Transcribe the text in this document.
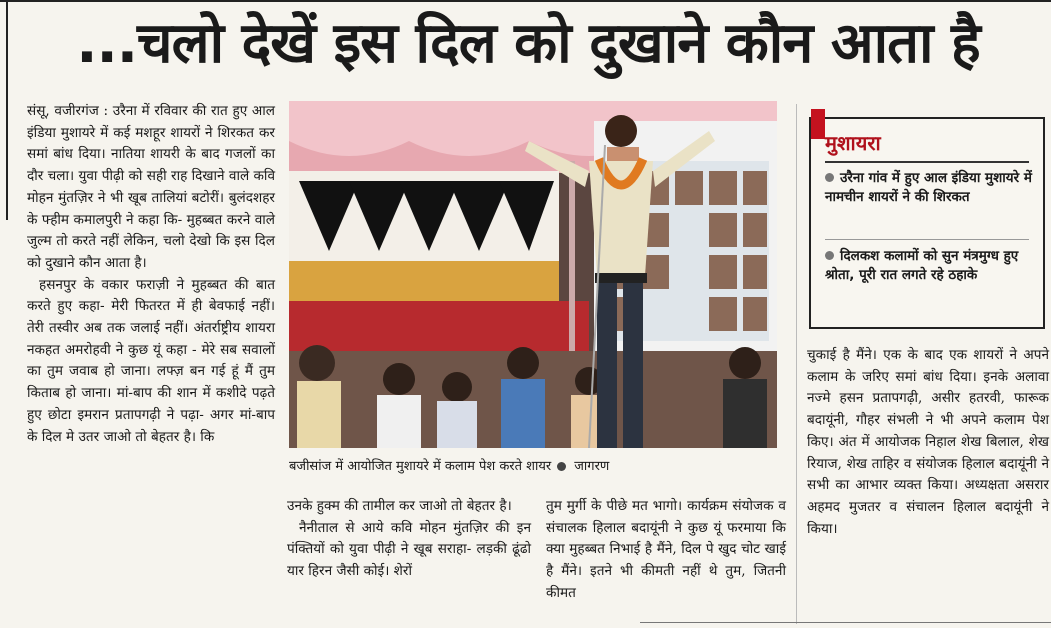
...चलो देखें इस दिल को दुखाने कौन आता है

संसू, वजीरगंज : उरैना में रविवार की रात हुए आल इंडिया मुशायरे में कई मशहूर शायरों ने शिरकत कर समां बांध दिया। नातिया शायरी के बाद गजलों का दौर चला। युवा पीढ़ी को सही राह दिखाने वाले कवि मोहन मुंतज़िर ने भी खूब तालियां बटोरीं। बुलंदशहर के फ्हीम कमालपुरी ने कहा कि- मुहब्बत करने वाले जुल्म तो करते नहीं लेकिन, चलो देखो कि इस दिल को दुखाने कौन आता है।

हसनपुर के वकार फराज़ी ने मुहब्बत की बात करते हुए कहा- मेरी फितरत में ही बेवफाई नहीं। तेरी तस्वीर अब तक जलाई नहीं। अंतर्राष्ट्रीय शायरा नकहत अमरोहवी ने कुछ यूं कहा - मेरे सब सवालों का तुम जवाब हो जाना। लफ्ज़ बन गई हूं मैं तुम किताब हो जाना। मां-बाप की शान में कशीदे पढ़ते हुए छोटा इमरान प्रतापगढ़ी ने पढ़ा- अगर मां-बाप के दिल मे उतर जाओ तो बेहतर है। कि

बजीसांज में आयोजित मुशायरे में कलाम पेश करते शायर जागरण

उनके हुक्म की तामील कर जाओ तो बेहतर है।

नैनीताल से आये कवि मोहन मुंतज़िर की इन पंक्तियों को युवा पीढ़ी ने खूब सराहा- लड़की ढूंढो यार हिरन जैसी कोई। शेरों

तुम मुर्गी के पीछे मत भागो। कार्यक्रम संयोजक व संचालक हिलाल बदायूंनी ने कुछ यूं फरमाया कि क्या मुहब्बत निभाई है मैंने, दिल पे खुद चोट खाई है मैंने। इतने भी कीमती नहीं थे तुम, जितनी कीमत

मुशायरा
उरैना गांव में हुए आल इंडिया मुशायरे में नामचीन शायरों ने की शिरकत
दिलकश कलामों को सुन मंत्रमुग्ध हुए श्रोता, पूरी रात लगते रहे ठहाके

चुकाई है मैंने। एक के बाद एक शायरों ने अपने कलाम के जरिए समां बांध दिया। इनके अलावा नज्मे हसन प्रतापगढ़ी, असीर हतरवी, फारूक बदायूंनी, गौहर संभली ने भी अपने कलाम पेश किए। अंत में आयोजक निहाल शेख बिलाल, शेख रियाज, शेख ताहिर व संयोजक हिलाल बदायूंनी ने सभी का आभार व्यक्त किया। अध्यक्षता असरार अहमद मुजतर व संचालन हिलाल बदायूंनी ने किया।
